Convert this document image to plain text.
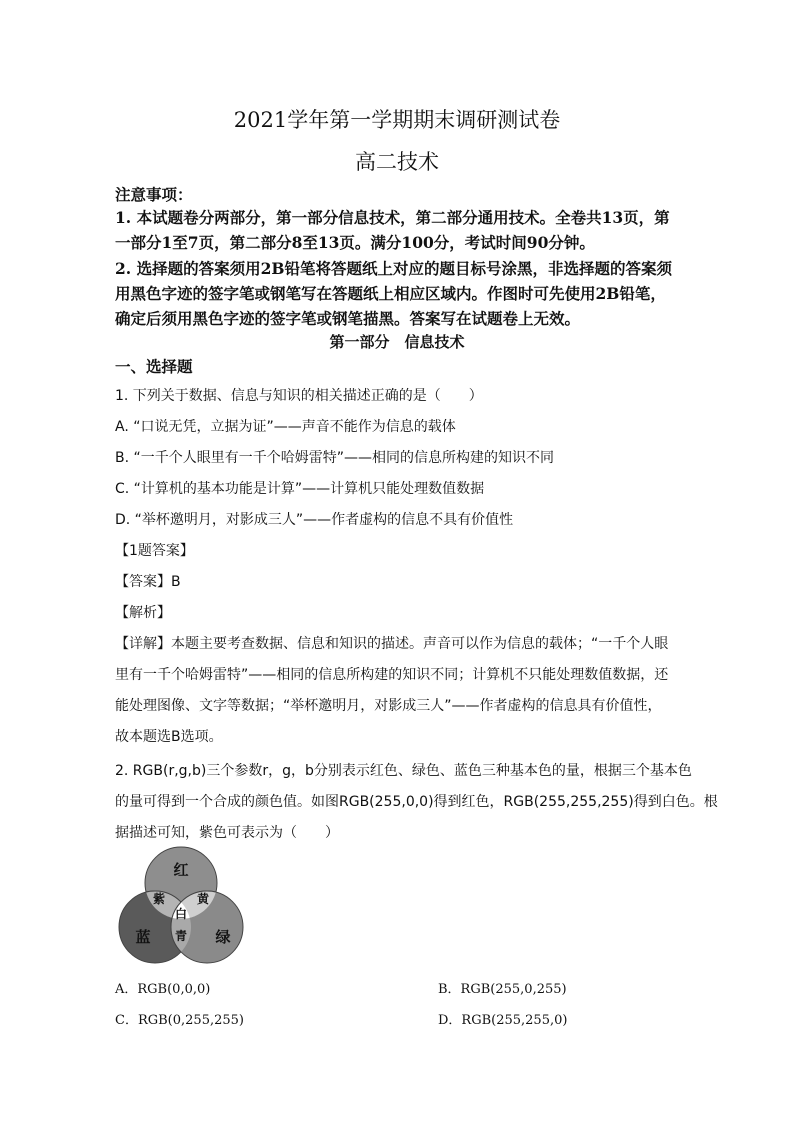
2021学年第一学期期末调研测试卷
高二技术
注意事项：
1. 本试题卷分两部分，第一部分信息技术，第二部分通用技术。全卷共13页，第
一部分1至7页，第二部分8至13页。满分100分，考试时间90分钟。
2. 选择题的答案须用2B铅笔将答题纸上对应的题目标号涂黑，非选择题的答案须
用黑色字迹的签字笔或钢笔写在答题纸上相应区域内。作图时可先使用2B铅笔，
确定后须用黑色字迹的签字笔或钢笔描黑。答案写在试题卷上无效。
第一部分　信息技术
一、选择题
1. 下列关于数据、信息与知识的相关描述正确的是（　　）
A. “口说无凭，立据为证”——声音不能作为信息的载体
B. “一千个人眼里有一千个哈姆雷特”——相同的信息所构建的知识不同
C. “计算机的基本功能是计算”——计算机只能处理数值数据
D. “举杯邀明月，对影成三人”——作者虚构的信息不具有价值性
【1题答案】
【答案】B
【解析】
【详解】本题主要考查数据、信息和知识的描述。声音可以作为信息的载体；“一千个人眼
里有一千个哈姆雷特”——相同的信息所构建的知识不同；计算机不只能处理数值数据，还
能处理图像、文字等数据；“举杯邀明月，对影成三人”——作者虚构的信息具有价值性，
故本题选B选项。
2. RGB(r,g,b)三个参数r，g，b分别表示红色、绿色、蓝色三种基本色的量，根据三个基本色
的量可得到一个合成的颜色值。如图RGB(255,0,0)得到红色，RGB(255,255,255)得到白色。根
据描述可知，紫色可表示为（　　）
红
紫	黄
白
蓝 青 绿
A．RGB(0,0,0)	B．RGB(255,0,255)
C．RGB(0,255,255)	D．RGB(255,255,0)
